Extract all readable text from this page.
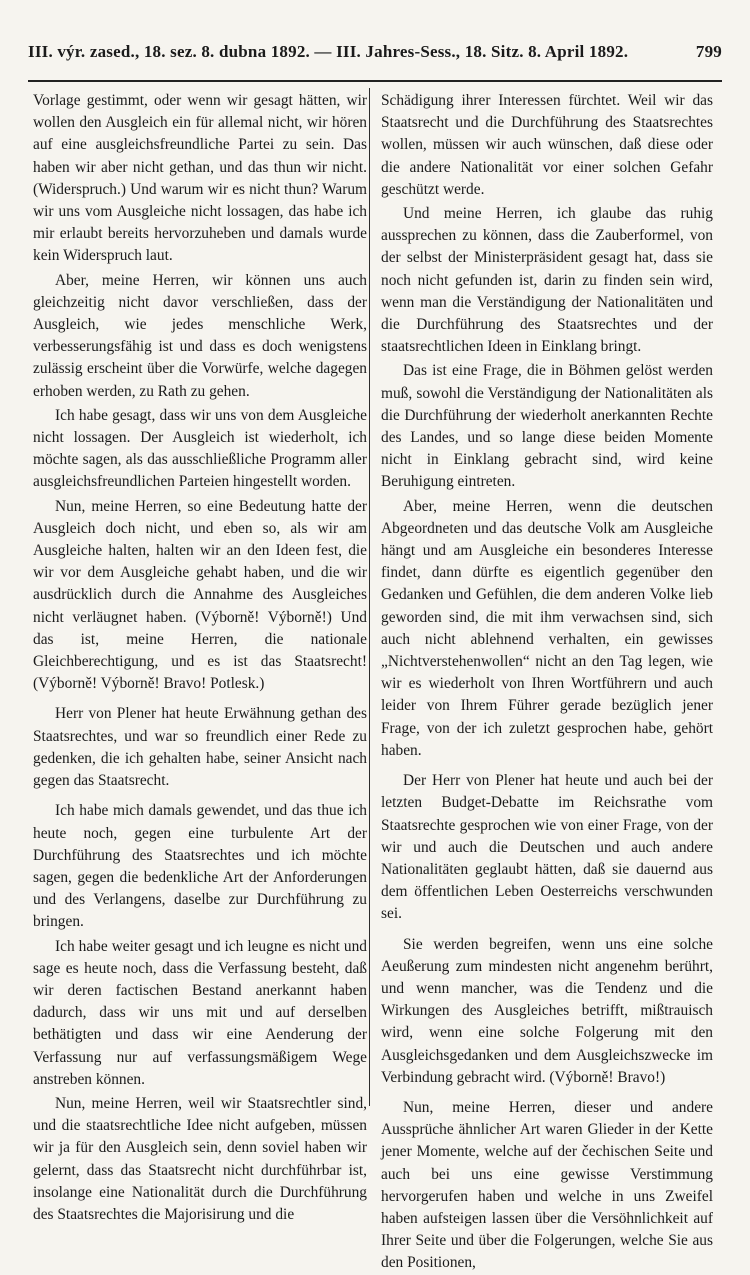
III. výr. zased., 18. sez. 8. dubna 1892. — III. Jahres-Sess., 18. Sitz. 8. April 1892.	799

Vorlage gestimmt, oder wenn wir gesagt hätten, wir wollen den Ausgleich ein für allemal nicht, wir hören auf eine ausgleichsfreundliche Partei zu sein. Das haben wir aber nicht gethan, und das thun wir nicht. (Widerspruch.) Und warum wir es nicht thun? Warum wir uns vom Ausgleiche nicht lossagen, das habe ich mir erlaubt bereits hervorzuheben und damals wurde kein Widerspruch laut.

Aber, meine Herren, wir können uns auch gleichzeitig nicht davor verschließen, dass der Ausgleich, wie jedes menschliche Werk, verbesserungsfähig ist und dass es doch wenigstens zulässig erscheint über die Vorwürfe, welche dagegen erhoben werden, zu Rath zu gehen.

Ich habe gesagt, dass wir uns von dem Ausgleiche nicht lossagen. Der Ausgleich ist wiederholt, ich möchte sagen, als das ausschließliche Programm aller ausgleichsfreundlichen Parteien hingestellt worden.

Nun, meine Herren, so eine Bedeutung hatte der Ausgleich doch nicht, und eben so, als wir am Ausgleiche halten, halten wir an den Ideen fest, die wir vor dem Ausgleiche gehabt haben, und die wir ausdrücklich durch die Annahme des Ausgleiches nicht verläugnet haben. (Výborně! Výborně!) Und das ist, meine Herren, die nationale Gleichberechtigung, und es ist das Staatsrecht! (Výborně! Výborně! Bravo! Potlesk.)

Herr von Plener hat heute Erwähnung gethan des Staatsrechtes, und war so freundlich einer Rede zu gedenken, die ich gehalten habe, seiner Ansicht nach gegen das Staatsrecht.

Ich habe mich damals gewendet, und das thue ich heute noch, gegen eine turbulente Art der Durchführung des Staatsrechtes und ich möchte sagen, gegen die bedenkliche Art der Anforderungen und des Verlangens, daselbe zur Durchführung zu bringen.

Ich habe weiter gesagt und ich leugne es nicht und sage es heute noch, dass die Verfassung besteht, daß wir deren factischen Bestand anerkannt haben dadurch, dass wir uns mit und auf derselben bethätigten und dass wir eine Aenderung der Verfassung nur auf verfassungsmäßigem Wege anstreben können.

Nun, meine Herren, weil wir Staatsrechtler sind, und die staatsrechtliche Idee nicht aufgeben, müssen wir ja für den Ausgleich sein, denn soviel haben wir gelernt, dass das Staatsrecht nicht durchführbar ist, insolange eine Nationalität durch die Durchführung des Staatsrechtes die Majorisirung und die

Schädigung ihrer Interessen fürchtet. Weil wir das Staatsrecht und die Durchführung des Staatsrechtes wollen, müssen wir auch wünschen, daß diese oder die andere Nationalität vor einer solchen Gefahr geschützt werde.

Und meine Herren, ich glaube das ruhig aussprechen zu können, dass die Zauberformel, von der selbst der Ministerpräsident gesagt hat, dass sie noch nicht gefunden ist, darin zu finden sein wird, wenn man die Verständigung der Nationalitäten und die Durchführung des Staatsrechtes und der staatsrechtlichen Ideen in Einklang bringt.

Das ist eine Frage, die in Böhmen gelöst werden muß, sowohl die Verständigung der Nationalitäten als die Durchführung der wiederholt anerkannten Rechte des Landes, und so lange diese beiden Momente nicht in Einklang gebracht sind, wird keine Beruhigung eintreten.

Aber, meine Herren, wenn die deutschen Abgeordneten und das deutsche Volk am Ausgleiche hängt und am Ausgleiche ein besonderes Interesse findet, dann dürfte es eigentlich gegenüber den Gedanken und Gefühlen, die dem anderen Volke lieb geworden sind, die mit ihm verwachsen sind, sich auch nicht ablehnend verhalten, ein gewisses „Nichtverstehenwollen“ nicht an den Tag legen, wie wir es wiederholt von Ihren Wortführern und auch leider von Ihrem Führer gerade bezüglich jener Frage, von der ich zuletzt gesprochen habe, gehört haben.

Der Herr von Plener hat heute und auch bei der letzten Budget-Debatte im Reichsrathe vom Staatsrechte gesprochen wie von einer Frage, von der wir und auch die Deutschen und auch andere Nationalitäten geglaubt hätten, daß sie dauernd aus dem öffentlichen Leben Oesterreichs verschwunden sei.

Sie werden begreifen, wenn uns eine solche Aeußerung zum mindesten nicht angenehm berührt, und wenn mancher, was die Tendenz und die Wirkungen des Ausgleiches betrifft, mißtrauisch wird, wenn eine solche Folgerung mit den Ausgleichsgedanken und dem Ausgleichszwecke im Verbindung gebracht wird. (Výborně! Bravo!)

Nun, meine Herren, dieser und andere Aussprüche ähnlicher Art waren Glieder in der Kette jener Momente, welche auf der čechischen Seite und auch bei uns eine gewisse Verstimmung hervorgerufen haben und welche in uns Zweifel haben aufsteigen lassen über die Versöhnlichkeit auf Ihrer Seite und über die Folgerungen, welche Sie aus den Positionen,
